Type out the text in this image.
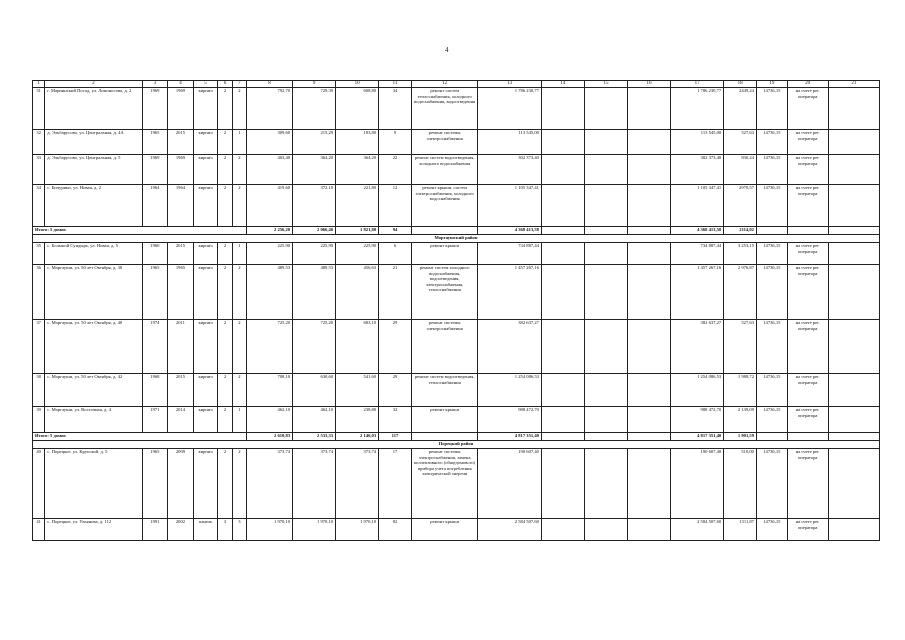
4
1	2	3	4	5	6	7	8	9	10	11	12	13	14	15	16	17	18	19	20	21
31	г. Мариинский Посад, ул. Ломоносова, д. 2	1969	1969	кирпич	2	2	792,70	729,39	608,80	34	ремонт систем теплоснабжения, холодного водоснабжения, водоотведения	1 786 230,77				1 786 230,77	2449,24	14736,15	на счете рег. оператора	
32	д. Эльбарусово, ул. Центральная, д. 4А	1965	2015	кирпич	2	1	309,60	215,29	183,80	9	ремонт системы электроснабжения	113 545,00				113 545,00	527,63	14736,15	на счете рег. оператора	
33	д. Эльбарусово, ул. Центральная, д. 5	1969	1969	кирпич	2	2	403,40	364,20	364,20	22	ремонт систем водоотведения, холодного водоснабжения	302 373,40				302 373,40	830,24	14736,15	на счете рег. оператора	
34	с. Бичурино, ул. Новая, д. 2	1964	1964	кирпич	2	2	419,60	372,10	221,80	12	ремонт крыши, систем электроснабжения, холодного водоснабжения	1 105 347,41				1 105 347,41	2970,57	14736,15	на счете рег. оператора	
Итого: 5 домов							2 256,20	2 066,40	1 821,80	94		4 368 413,58				4 368 413,58	2114,02			
Моргаушский район																				
35	с. Большой Сундырь, ул. Новая, д. 5	1960	2015	кирпич	2	1	225,90	225,90	225,90	6	ремонт крыши	734 887,44				734 887,44	3 253,15	14736,15	на счете рег. оператора	
36	с. Моргауши, ул. 50 лет Октября, д. 30	1965	1965	кирпич	2	2	489,53	489,53	456,63	21	ремонт систем холодного водоснабжения, водоотведения, электроснабжения, теплоснабжения	1 457 267,16				1 457 267,16	2 976,87	14736,15	на счете рег. оператора	
37	с. Моргауши, ул. 50 лет Октября, д. 40	1974	2011	кирпич	2	2	725,20	725,20	683,10	29	ремонт системы электроснабжения	382 637,27				382 637,27	527,63	14736,15	на счете рег. оператора	
38	с. Моргауши, ул. 50 лет Октября, д. 42	1968	2015	кирпич	2	2	708,10	630,60	541,60	29	ремонт систем водоотведения, теплоснабжения	1 254 086,53				1 254 086,53	1 988,72	14736,15	на счете рег. оператора	
39	с. Моргауши, ул. Восточная, д. 4	1971	2014	кирпич	2	1	462,10	462,10	238,80	32	ремонт крыши	988 472,70				988 472,70	2 139,09	14736,15	на счете рег. оператора	
Итого: 5 домов							2 610,83	2 533,33	2 146,03	117		4 817 351,40				4 817 351,40	1 901,59			
Порецкий район																				
40	с. Порецкое, ул. Крупской, д. 5	1965	2009	кирпич	2	2	373,74	373,74	373,74	17	ремонт системы электроснабжения, замена коллективного (общедомового) прибора учета потребления электрической энергии	190 607,40				190 607,40	510,00	14736,15	на счете рег. оператора	
41	с. Порецкое, ул. Ульянова, д. 112	1991	2002	панель	3	3	1 970,10	1 970,10	1 970,10	82	ремонт крыши	2 584 507,60				2 584 507,60	1311,87	14736,15	на счете рег. оператора	
